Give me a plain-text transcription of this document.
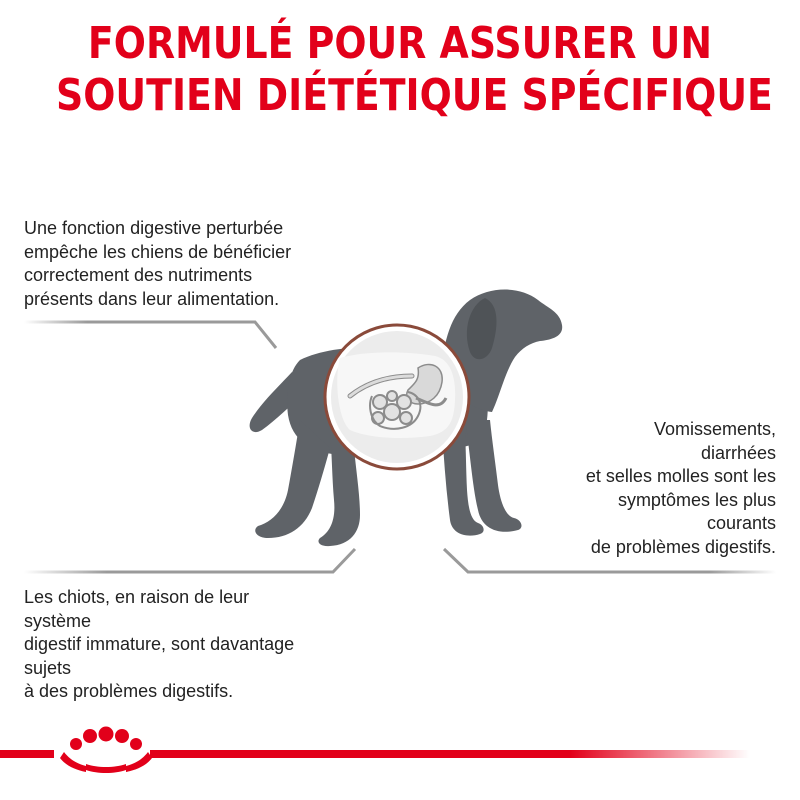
FORMULÉ POUR ASSURER UN
SOUTIEN DIÉTÉTIQUE SPÉCIFIQUE
Une fonction digestive perturbée
empêche les chiens de bénéficier
correctement des nutriments
présents dans leur alimentation.
Vomissements,
diarrhées
et selles molles sont les
symptômes les plus
courants
de problèmes digestifs.
Les chiots, en raison de leur
système
digestif immature, sont davantage
sujets
à des problèmes digestifs.
